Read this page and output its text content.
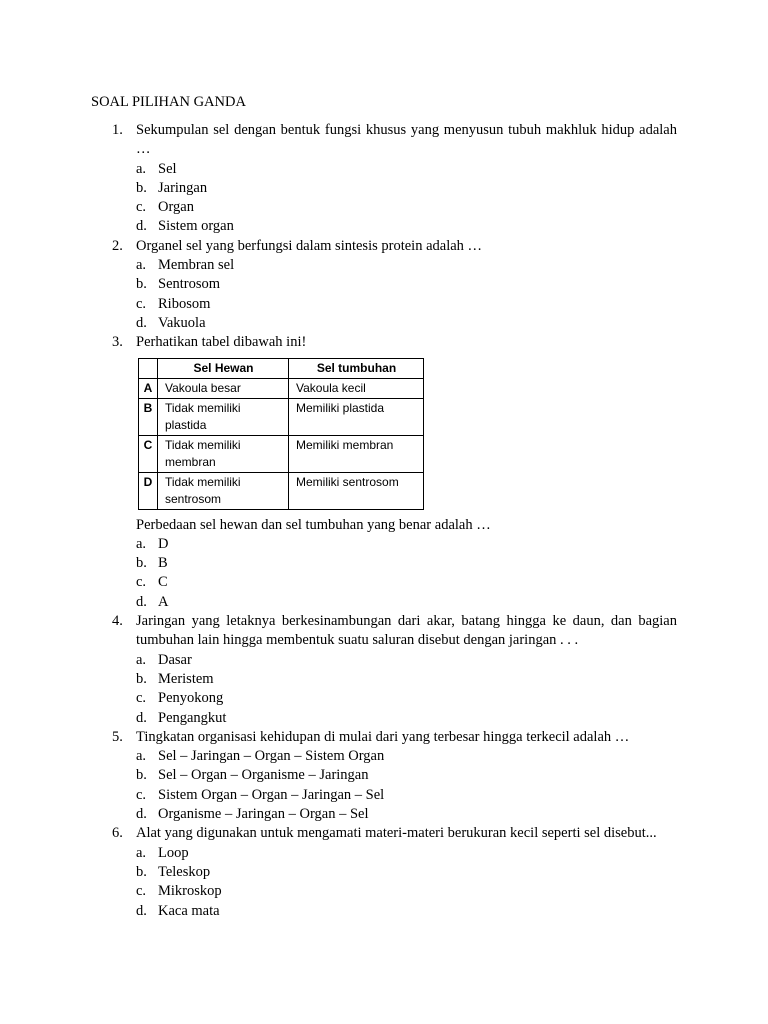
SOAL PILIHAN GANDA
1. Sekumpulan sel dengan bentuk fungsi khusus yang menyusun tubuh makhluk hidup adalah …
a. Sel
b. Jaringan
c. Organ
d. Sistem organ
2. Organel sel yang berfungsi dalam sintesis protein adalah …
a. Membran sel
b. Sentrosom
c. Ribosom
d. Vakuola
3. Perhatikan tabel dibawah ini!
	Sel Hewan	Sel tumbuhan
A	Vakoula besar	Vakoula kecil
B	Tidak memiliki plastida	Memiliki plastida
C	Tidak memiliki membran	Memiliki membran
D	Tidak memiliki sentrosom	Memiliki sentrosom
Perbedaan sel hewan dan sel tumbuhan yang benar adalah …
a. D
b. B
c. C
d. A
4. Jaringan yang letaknya berkesinambungan dari akar, batang hingga ke daun, dan bagian tumbuhan lain hingga membentuk suatu saluran disebut dengan jaringan . . .
a. Dasar
b. Meristem
c. Penyokong
d. Pengangkut
5. Tingkatan organisasi kehidupan di mulai dari yang terbesar hingga terkecil adalah …
a. Sel – Jaringan – Organ – Sistem Organ
b. Sel – Organ – Organisme – Jaringan
c. Sistem Organ – Organ – Jaringan – Sel
d. Organisme – Jaringan – Organ – Sel
6. Alat yang digunakan untuk mengamati materi-materi berukuran kecil seperti sel disebut...
a. Loop
b. Teleskop
c. Mikroskop
d. Kaca mata
